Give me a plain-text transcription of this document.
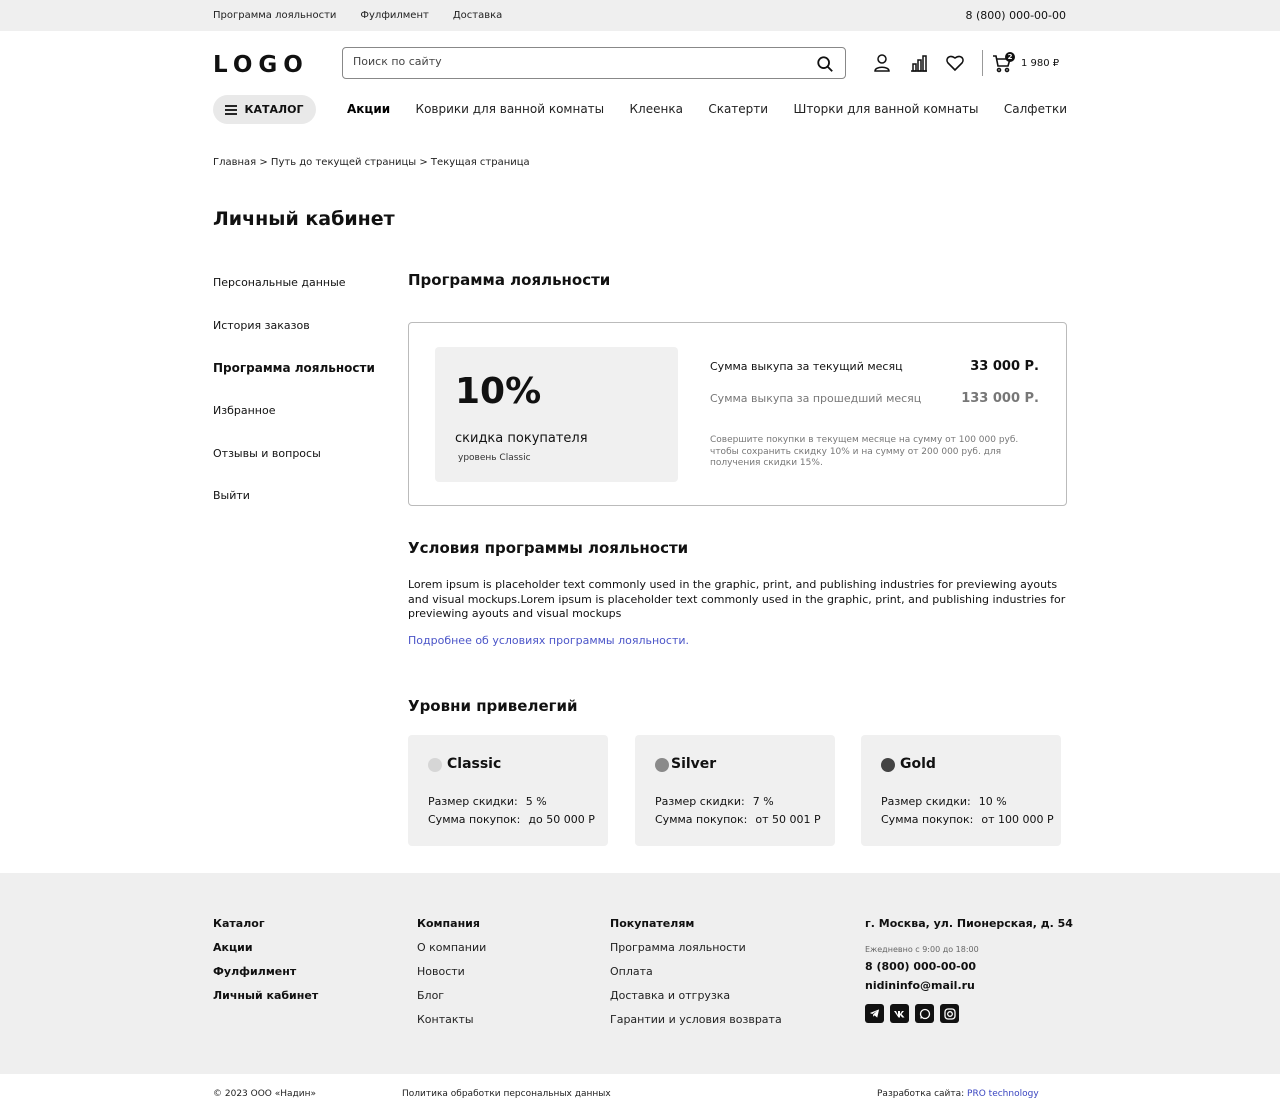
Программа лояльности Фулфилмент Доставка	8 (800) 000-00-00
LOGO
Поиск по сайту	2
1 980 ₽
КАТАЛОГ	Акции Коврики для ванной комнаты Клеенка Скатерти Шторки для ванной комнаты Салфетки
Главная > Путь до текущей страницы > Текущая страница
Личный кабинет
Персональные данные
История заказов
Программа лояльности
Избранное
Отзывы и вопросы
Выйти
Программа лояльности
10%
скидка покупателя
уровень Classic
Сумма выкупа за текущий месяц	33 000 Р.
Сумма выкупа за прошедший месяц	133 000 Р.
Совершите покупки в текущем месяце на сумму от 100 000 руб. чтобы сохранить скидку 10% и на сумму от 200 000 руб. для получения скидки 15%.
Условия программы лояльности
Lorem ipsum is placeholder text commonly used in the graphic, print, and publishing industries for previewing ayouts and visual mockups.Lorem ipsum is placeholder text commonly used in the graphic, print, and publishing industries for previewing ayouts and visual mockups
Подробнее об условиях программы лояльности.
Уровни привелегий
Classic
Размер скидки: 5 %
Сумма покупок: до 50 000 Р
Silver
Размер скидки: 7 %
Сумма покупок: от 50 001 Р
Gold
Размер скидки: 10 %
Сумма покупок: от 100 000 Р
Каталог
Акции
Фулфилмент
Личный кабинет
Компания
О компании
Новости
Блог
Контакты
Покупателям
Программа лояльности
Оплата
Доставка и отгрузка
Гарантии и условия возврата
г. Москва, ул. Пионерская, д. 54
Ежедневно с 9:00 до 18:00
8 (800) 000-00-00
nidininfo@mail.ru
© 2023 ООО «Надин»	Политика обработки персональных данных	Разработка сайта: PRO technology
